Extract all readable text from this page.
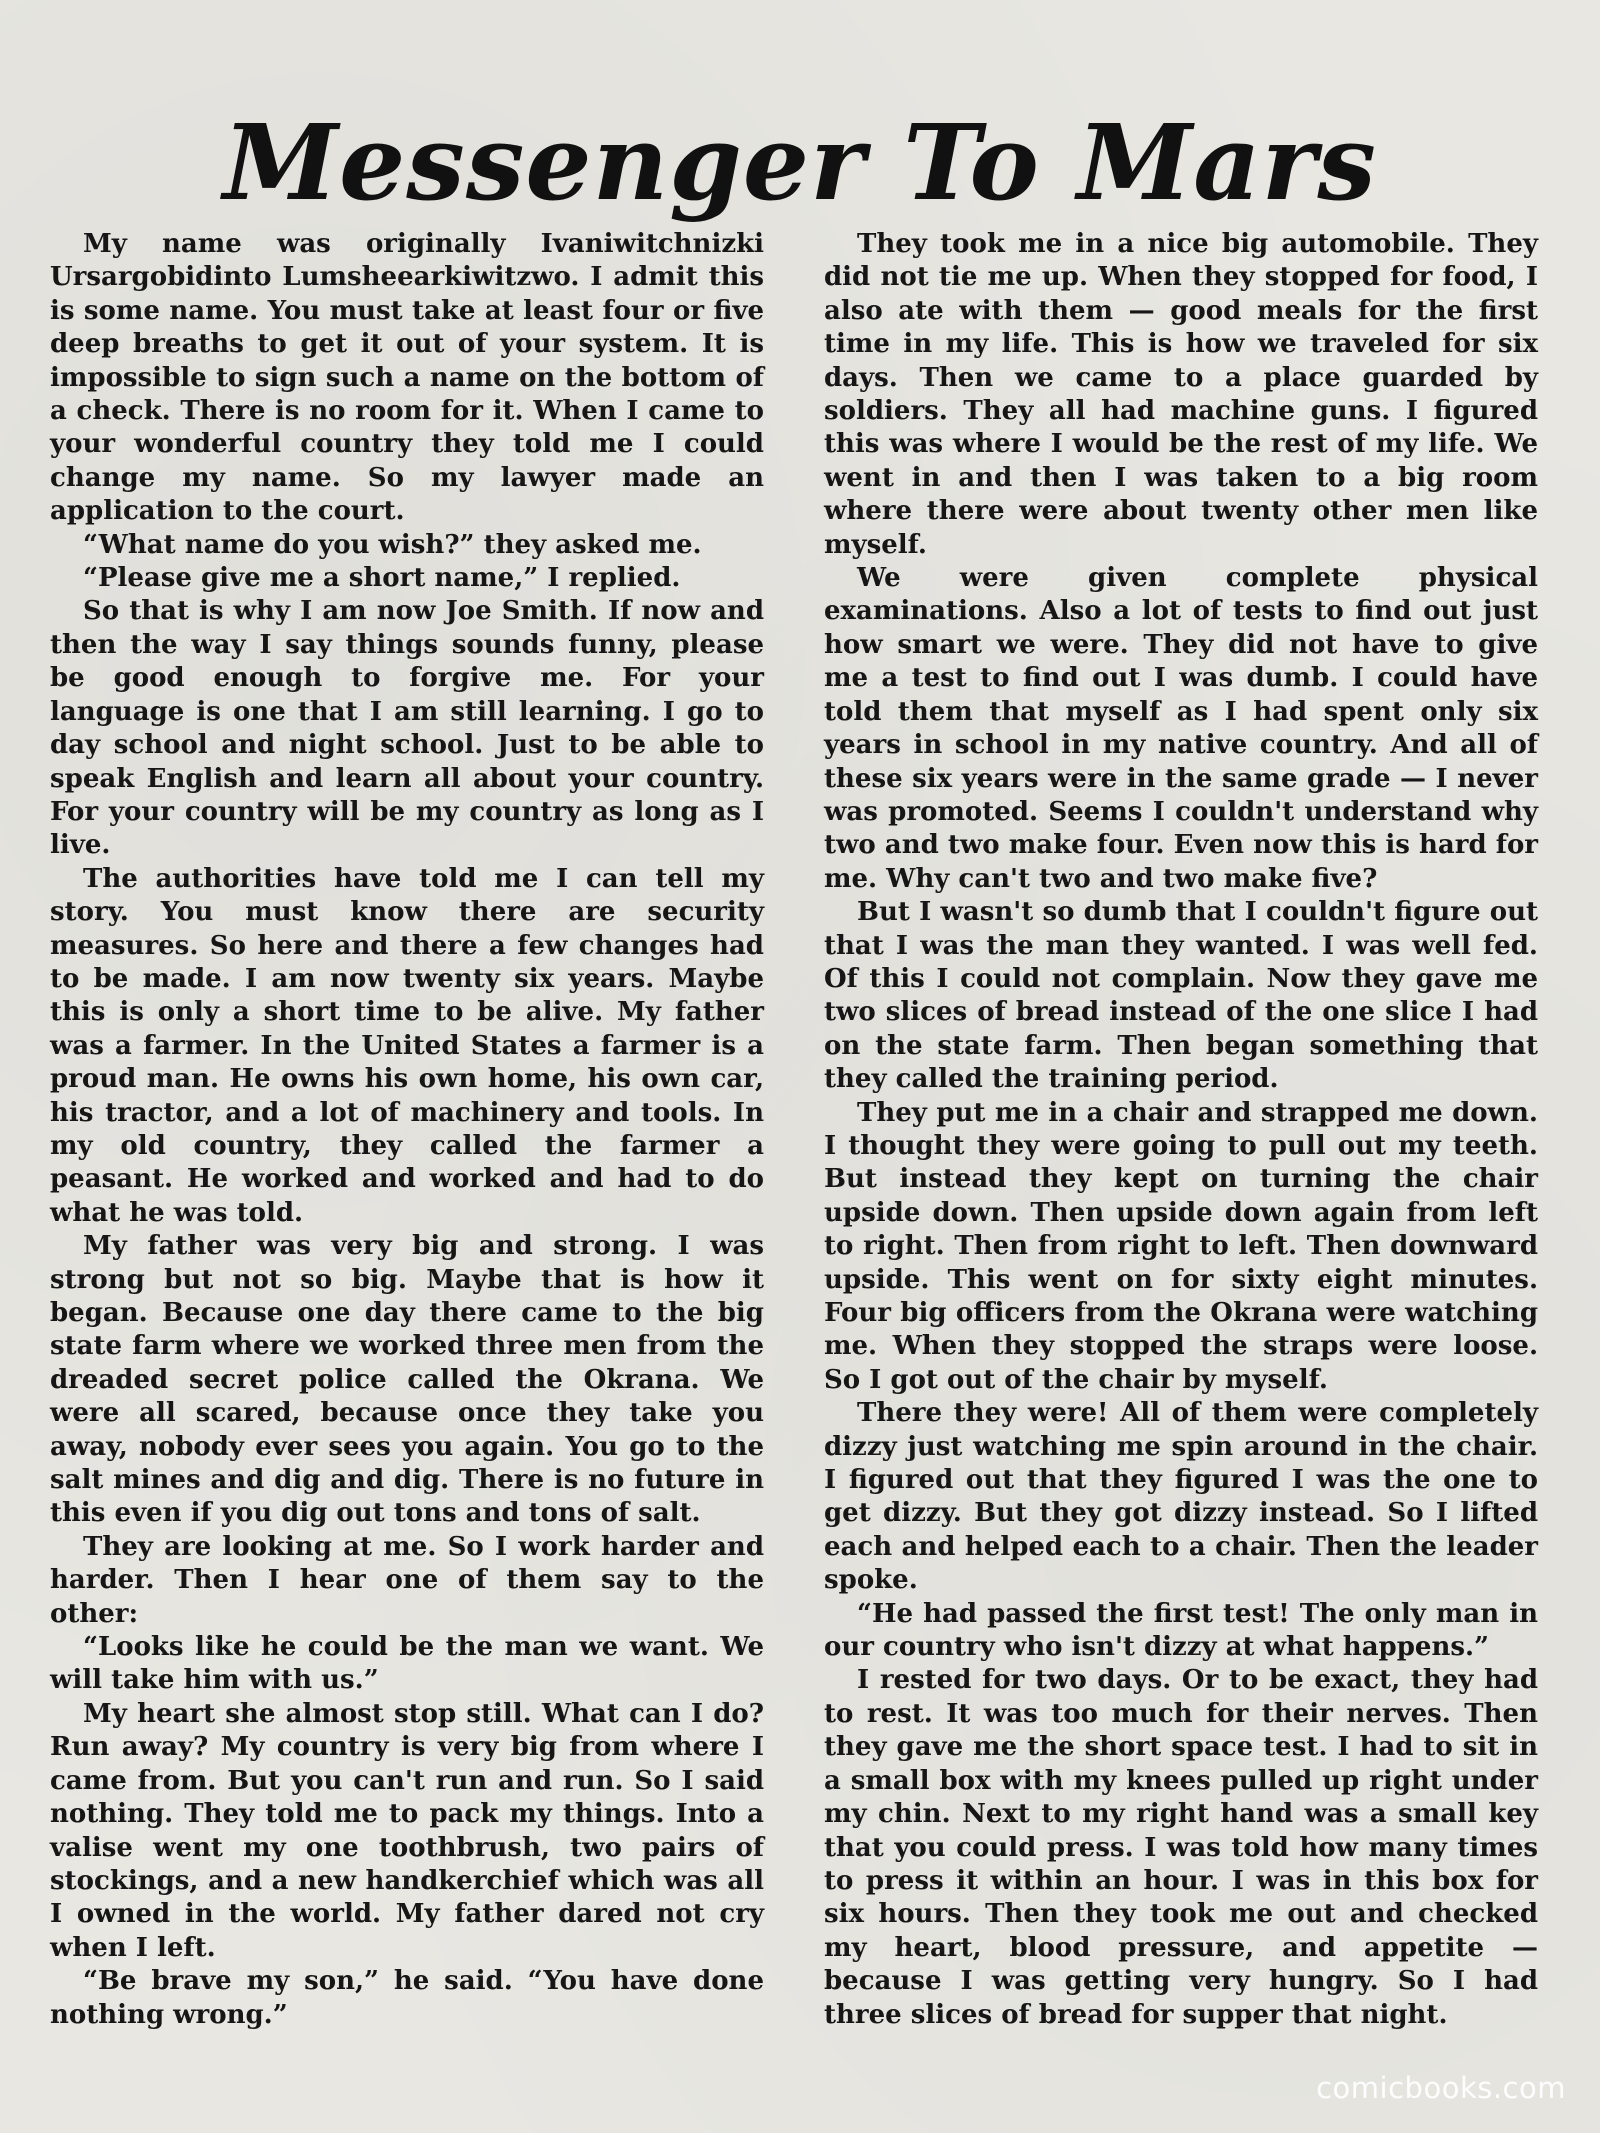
Messenger To Mars

My name was originally Ivaniwitchnizki Ursargobidinto Lumsheearkiwitzwo. I admit this is some name. You must take at least four or five deep breaths to get it out of your system. It is impossible to sign such a name on the bottom of a check. There is no room for it. When I came to your wonderful country they told me I could change my name. So my lawyer made an application to the court.

“What name do you wish?” they asked me.

“Please give me a short name,” I replied.

So that is why I am now Joe Smith. If now and then the way I say things sounds funny, please be good enough to forgive me. For your language is one that I am still learning. I go to day school and night school. Just to be able to speak English and learn all about your country. For your country will be my country as long as I live.

The authorities have told me I can tell my story. You must know there are security measures. So here and there a few changes had to be made. I am now twenty six years. Maybe this is only a short time to be alive. My father was a farmer. In the United States a farmer is a proud man. He owns his own home, his own car, his tractor, and a lot of machinery and tools. In my old country, they called the farmer a peasant. He worked and worked and had to do what he was told.

My father was very big and strong. I was strong but not so big. Maybe that is how it began. Because one day there came to the big state farm where we worked three men from the dreaded secret police called the Okrana. We were all scared, because once they take you away, nobody ever sees you again. You go to the salt mines and dig and dig. There is no future in this even if you dig out tons and tons of salt.

They are looking at me. So I work harder and harder. Then I hear one of them say to the other:

“Looks like he could be the man we want. We will take him with us.”

My heart she almost stop still. What can I do? Run away? My country is very big from where I came from. But you can't run and run. So I said nothing. They told me to pack my things. Into a valise went my one toothbrush, two pairs of stockings, and a new handkerchief which was all I owned in the world. My father dared not cry when I left.

“Be brave my son,” he said. “You have done nothing wrong.”

They took me in a nice big automobile. They did not tie me up. When they stopped for food, I also ate with them — good meals for the first time in my life. This is how we traveled for six days. Then we came to a place guarded by soldiers. They all had machine guns. I figured this was where I would be the rest of my life. We went in and then I was taken to a big room where there were about twenty other men like myself.

We were given complete physical examinations. Also a lot of tests to find out just how smart we were. They did not have to give me a test to find out I was dumb. I could have told them that myself as I had spent only six years in school in my native country. And all of these six years were in the same grade — I never was promoted. Seems I couldn't understand why two and two make four. Even now this is hard for me. Why can't two and two make five?

But I wasn't so dumb that I couldn't figure out that I was the man they wanted. I was well fed. Of this I could not complain. Now they gave me two slices of bread instead of the one slice I had on the state farm. Then began something that they called the training period.

They put me in a chair and strapped me down. I thought they were going to pull out my teeth. But instead they kept on turning the chair upside down. Then upside down again from left to right. Then from right to left. Then downward upside. This went on for sixty eight minutes. Four big officers from the Okrana were watching me. When they stopped the straps were loose. So I got out of the chair by myself.

There they were! All of them were completely dizzy just watching me spin around in the chair. I figured out that they figured I was the one to get dizzy. But they got dizzy instead. So I lifted each and helped each to a chair. Then the leader spoke.

“He had passed the first test! The only man in our country who isn't dizzy at what happens.”

I rested for two days. Or to be exact, they had to rest. It was too much for their nerves. Then they gave me the short space test. I had to sit in a small box with my knees pulled up right under my chin. Next to my right hand was a small key that you could press. I was told how many times to press it within an hour. I was in this box for six hours. Then they took me out and checked my heart, blood pressure, and appetite — because I was getting very hungry. So I had three slices of bread for supper that night.

comicbooks.com
